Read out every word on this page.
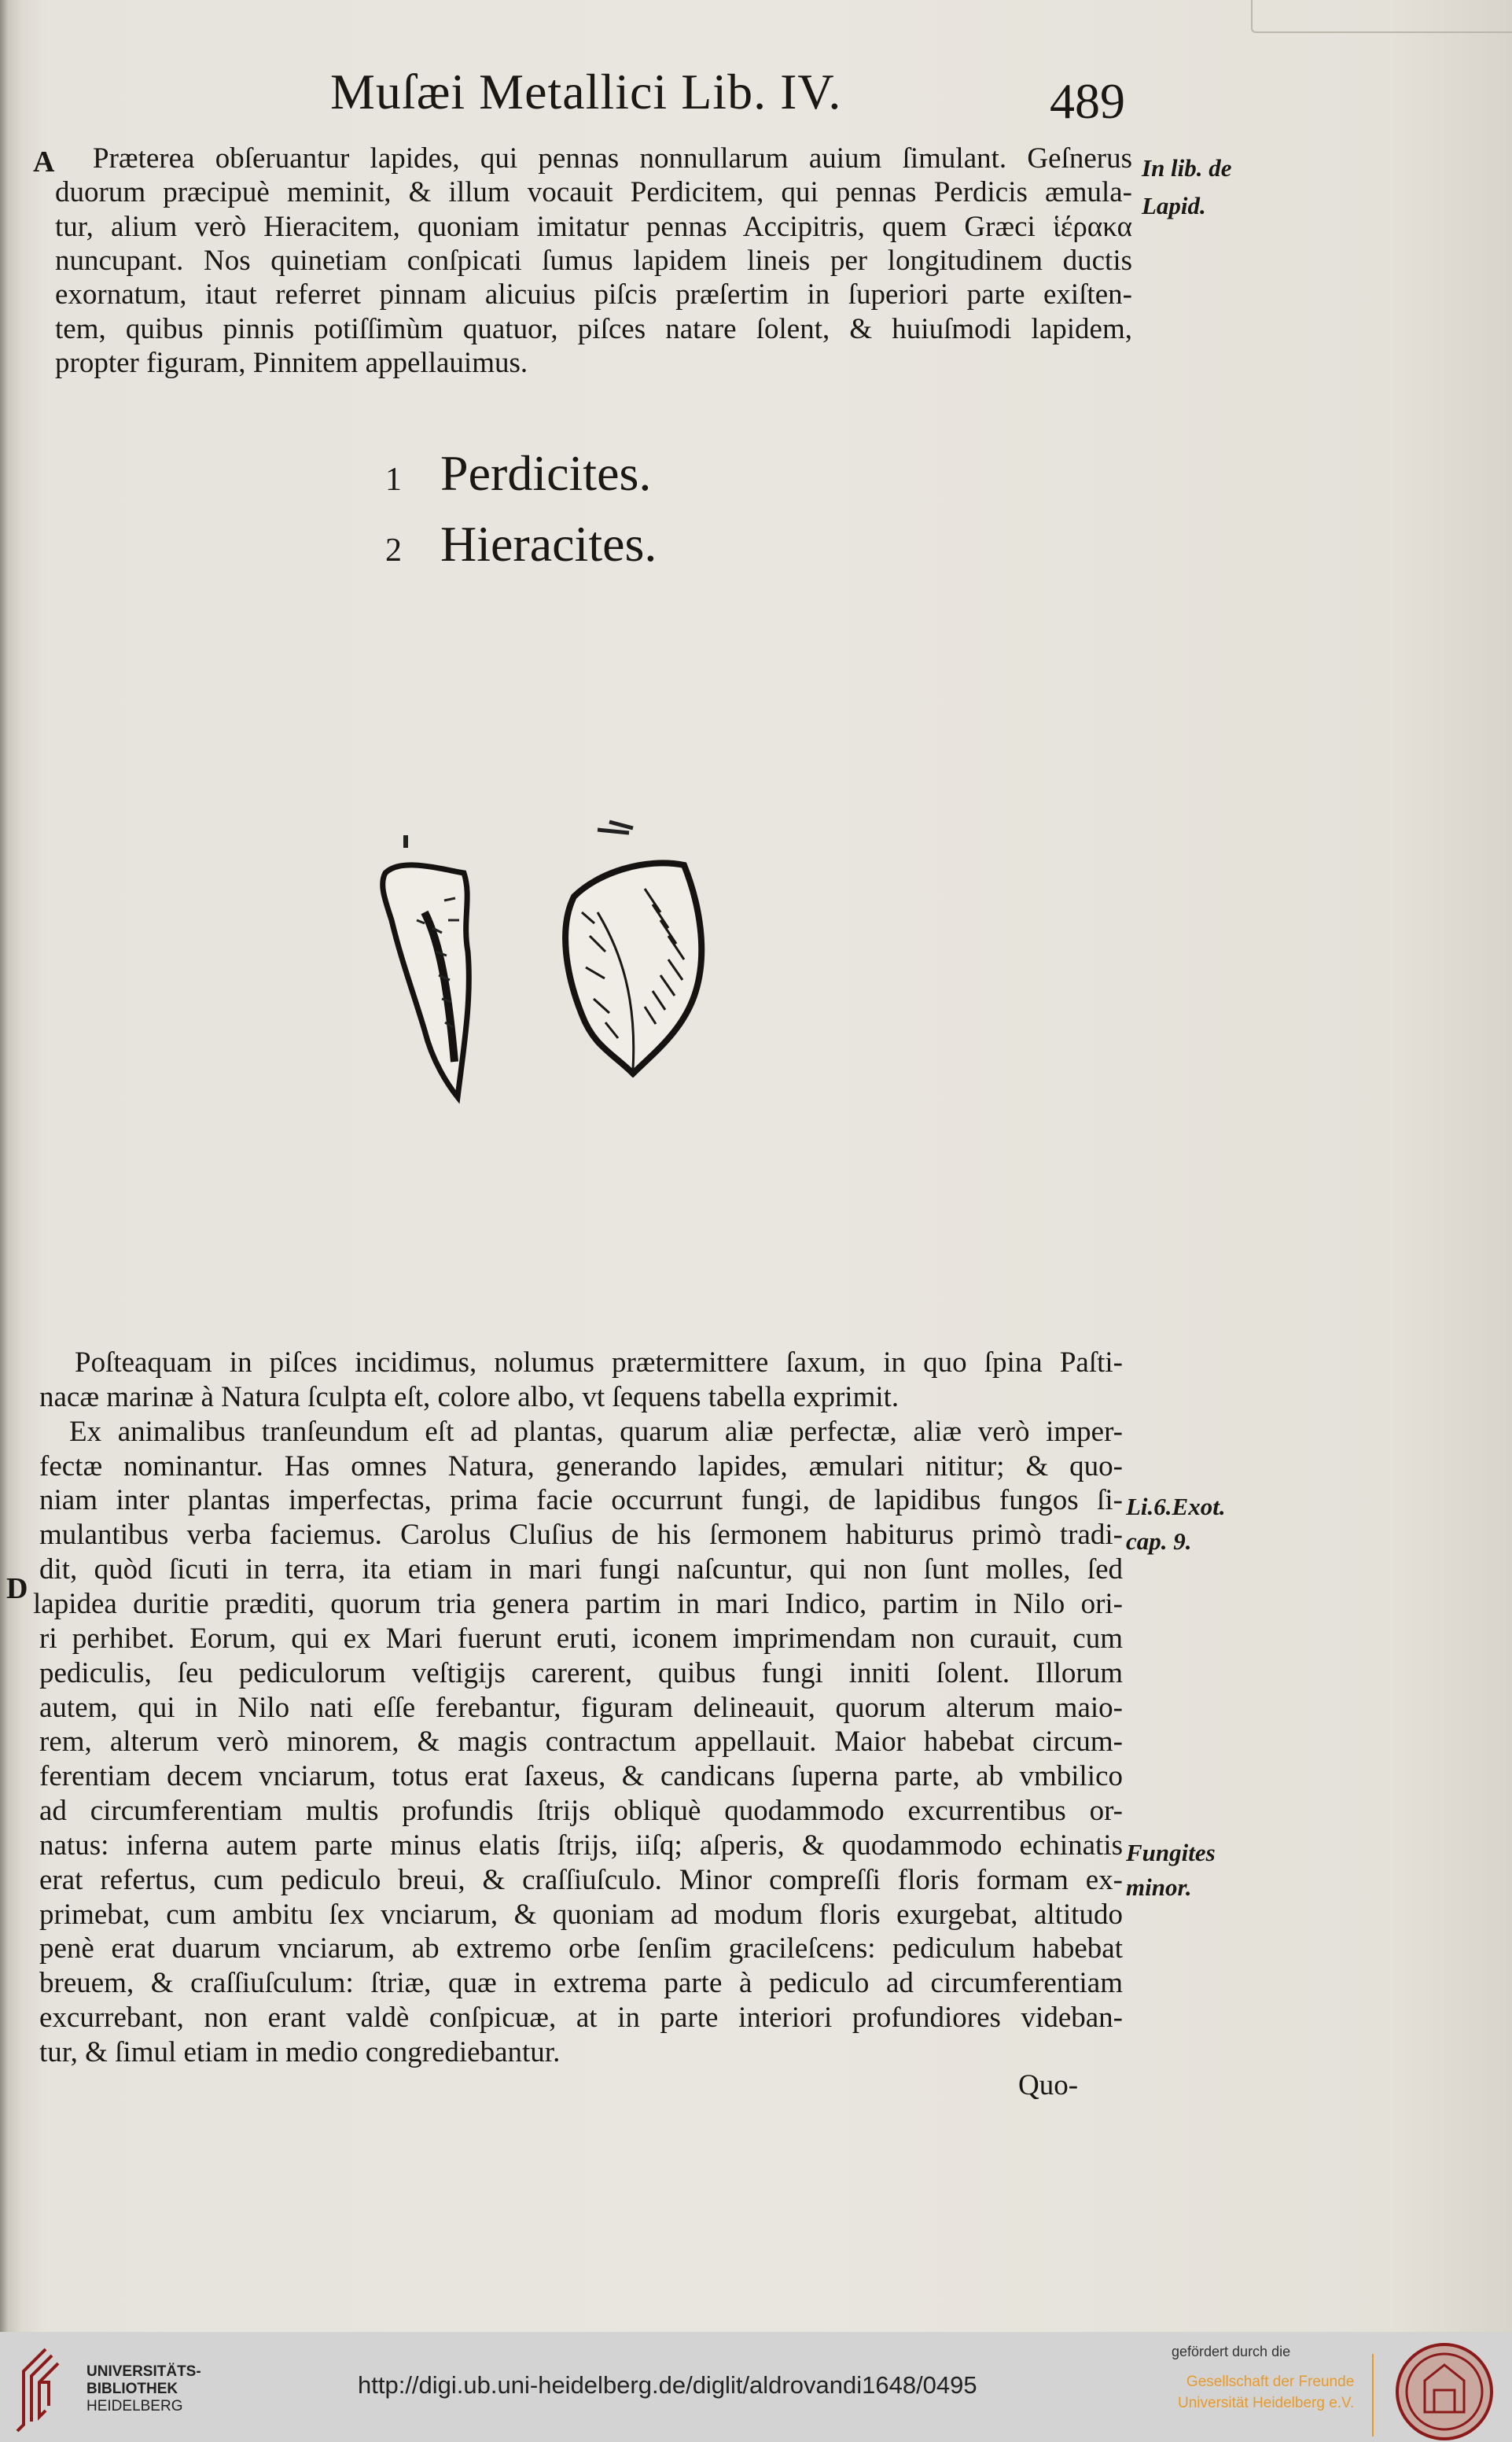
Muſæi Metallici Lib. IV.	489
A Præterea obſeruantur lapides, qui pennas nonnullarum auium ſimulant. Geſnerus
duorum præcipuè meminit, & illum vocauit Perdicitem, qui pennas Perdicis æmula-
tur, alium verò Hieracitem, quoniam imitatur pennas Accipitris, quem Græci ἱέρακα
nuncupant. Nos quinetiam conſpicati ſumus lapidem lineis per longitudinem ductis
exornatum, itaut referret pinnam alicuius piſcis præſertim in ſuperiori parte exiſten-
tem, quibus pinnis potiſſimùm quatuor, piſces natare ſolent, & huiuſmodi lapidem,
propter figuram, Pinnitem appellauimus.
In lib. de
Lapid.
1 Perdicites.
2 Hieracites.
D
Poſteaquam in piſces incidimus, nolumus prætermittere ſaxum, in quo ſpina Paſti-
nacæ marinæ à Natura ſculpta eſt, colore albo, vt ſequens tabella exprimit.
Ex animalibus tranſeundum eſt ad plantas, quarum aliæ perfectæ, aliæ verò imper-
fectæ nominantur. Has omnes Natura, generando lapides, æmulari nititur; & quo-
niam inter plantas imperfectas, prima facie occurrunt fungi, de lapidibus fungos ſi-
mulantibus verba faciemus. Carolus Cluſius de his ſermonem habiturus primò tradi-
dit, quòd ſicuti in terra, ita etiam in mari fungi naſcuntur, qui non ſunt molles, ſed
lapidea duritie præditi, quorum tria genera partim in mari Indico, partim in Nilo ori-
ri perhibet. Eorum, qui ex Mari fuerunt eruti, iconem imprimendam non curauit, cum
pediculis, ſeu pediculorum veſtigijs carerent, quibus fungi inniti ſolent. Illorum
autem, qui in Nilo nati eſſe ferebantur, figuram delineauit, quorum alterum maio-
rem, alterum verò minorem, & magis contractum appellauit. Maior habebat circum-
ferentiam decem vnciarum, totus erat ſaxeus, & candicans ſuperna parte, ab vmbilico
ad circumferentiam multis profundis ſtrijs obliquè quodammodo excurrentibus or-
natus: inferna autem parte minus elatis ſtrijs, iiſq; aſperis, & quodammodo echinatis
erat refertus, cum pediculo breui, & craſſiuſculo. Minor compreſſi floris formam ex-
primebat, cum ambitu ſex vnciarum, & quoniam ad modum floris exurgebat, altitudo
penè erat duarum vnciarum, ab extremo orbe ſenſim gracileſcens: pediculum habebat
breuem, & craſſiuſculum: ſtriæ, quæ in extrema parte à pediculo ad circumferentiam
excurrebant, non erant valdè conſpicuæ, at in parte interiori profundiores videban-
tur, & ſimul etiam in medio congrediebantur.
Li.6.Exot.
cap. 9.
Fungites
minor.
Quo-
UNIVERSITÄTS-
BIBLIOTHEK
HEIDELBERG
http://digi.ub.uni-heidelberg.de/diglit/aldrovandi1648/0495
gefördert durch die
Gesellschaft der Freunde
Universität Heidelberg e.V.
